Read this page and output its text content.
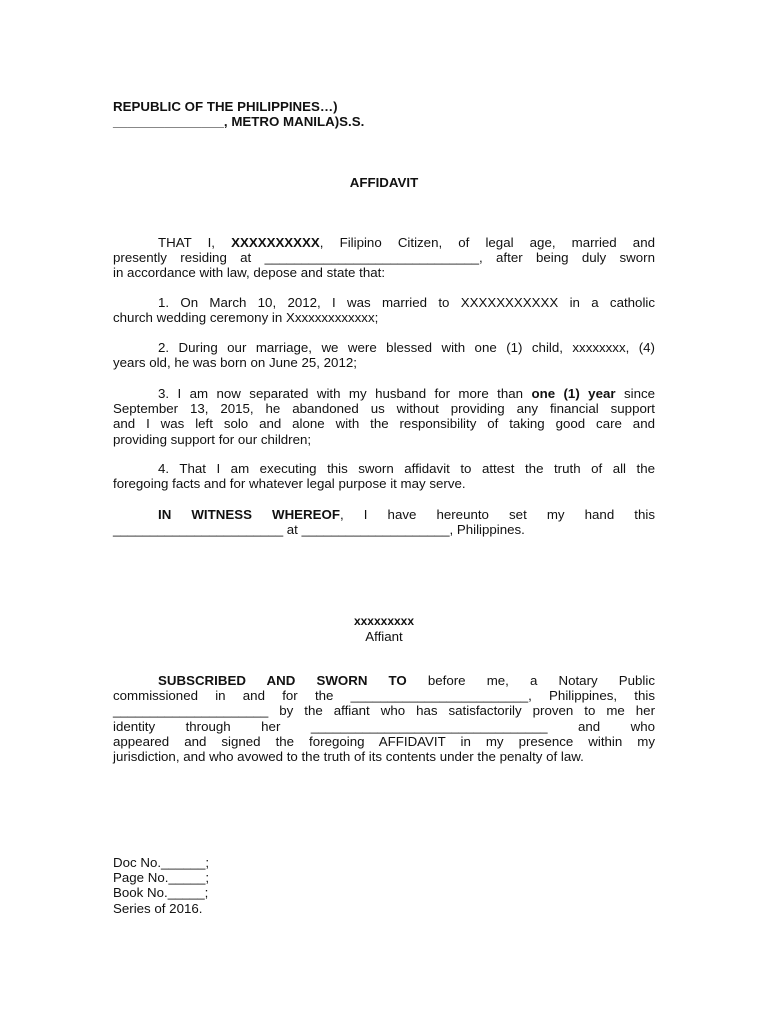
REPUBLIC OF THE PHILIPPINES…)
_______________, METRO MANILA)S.S.
AFFIDAVIT
THAT I, XXXXXXXXXX, Filipino Citizen, of legal age, married and
presently residing at _____________________________, after being duly sworn
in accordance with law, depose and state that:
1. On March 10, 2012, I was married to XXXXXXXXXXX in a catholic
church wedding ceremony in Xxxxxxxxxxxxx;
2. During our marriage, we were blessed with one (1) child, xxxxxxxx, (4)
years old, he was born on June 25, 2012;
3. I am now separated with my husband for more than one (1) year since
September 13, 2015, he abandoned us without providing any financial support
and I was left solo and alone with the responsibility of taking good care and
providing support for our children;
4. That I am executing this sworn affidavit to attest the truth of all the
foregoing facts and for whatever legal purpose it may serve.
IN WITNESS WHEREOF, I have hereunto set my hand this
_______________________ at ____________________, Philippines.
xxxxxxxxx
Affiant
SUBSCRIBED AND SWORN TO before me, a Notary Public
commissioned in and for the ________________________, Philippines, this
_____________________ by the affiant who has satisfactorily proven to me her
identity through her ________________________________ and who
appeared and signed the foregoing AFFIDAVIT in my presence within my
jurisdiction, and who avowed to the truth of its contents under the penalty of law.
Doc No.______;
Page No._____;
Book No._____;
Series of 2016.
